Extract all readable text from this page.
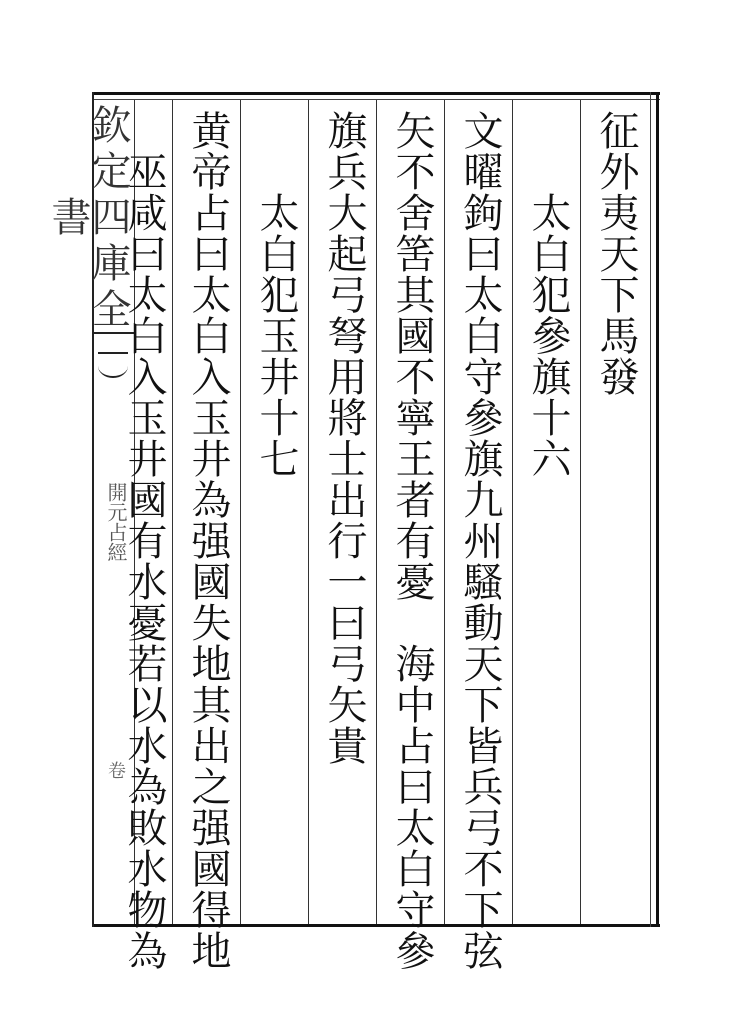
欽定四庫全書
開元占經
卷
征外夷天下馬發
　　太白犯參旗十六
文曜鉤曰太白守參旗九州騷動天下皆兵弓不下弦
矢不舍筈其國不寧王者有憂　海中占曰太白守參
旗兵大起弓弩用將士出行一曰弓矢貴
　　太白犯玉井十七
黄帝占曰太白入玉井為强國失地其出之强國得地
　巫咸曰太白入玉井國有水憂若以水為敗水物為
